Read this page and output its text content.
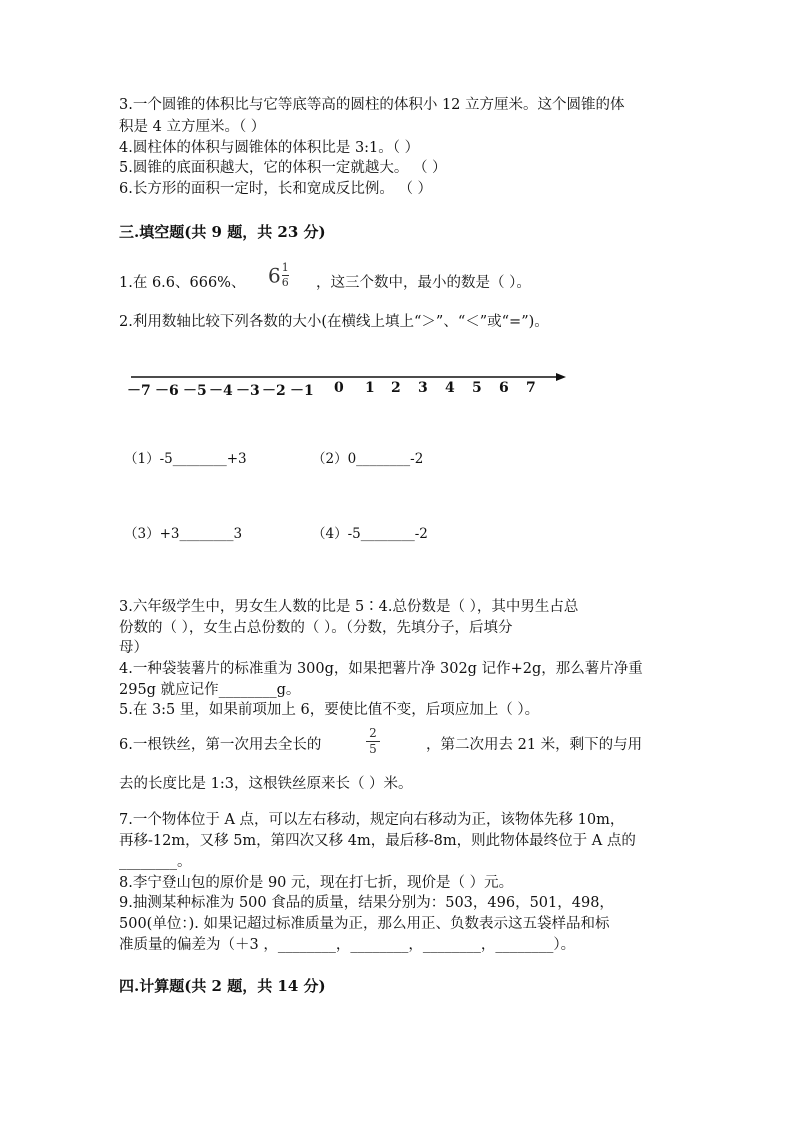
3.一个圆锥的体积比与它等底等高的圆柱的体积小 12 立方厘米。这个圆锥的体
积是 4 立方厘米。（ ）
4.圆柱体的体积与圆锥体的体积比是 3:1。（ ）
5.圆锥的底面积越大，它的体积一定就越大。 （ ）
6.长方形的面积一定时，长和宽成反比例。 （ ）
三.填空题(共 9 题，共 23 分)
1.在 6.6、666%、 $6\frac{1}{6}$ ，这三个数中，最小的数是（ ）。
2.利用数轴比较下列各数的大小(在横线上填上“＞”、“＜”或“=”)。
－7 －6 －5 －4 －3 －2 －1 0 1 2 3 4 5 6 7
（1）-5________+3	（2）0________-2
（3）+3________3	（4）-5________-2
3.六年级学生中，男女生人数的比是 5∶4.总份数是（ ），其中男生占总
份数的（ ），女生占总份数的（ ）。（分数，先填分子，后填分
母）
4.一种袋装薯片的标准重为 300g，如果把薯片净 302g 记作+2g，那么薯片净重
295g 就应记作________g。
5.在 3:5 里，如果前项加上 6，要使比值不变，后项应加上（ ）。
6.一根铁丝，第一次用去全长的
2
5	，第二次用去 21 米，剩下的与用
去的长度比是 1:3，这根铁丝原来长（ ）米。
7.一个物体位于 A 点，可以左右移动，规定向右移动为正，该物体先移 10m，
再移-12m，又移 5m，第四次又移 4m，最后移-8m，则此物体最终位于 A 点的
________。
8.李宁登山包的原价是 90 元，现在打七折，现价是（ ）元。
9.抽测某种标准为 500 食品的质量，结果分别为：503，496，501，498，
500(单位：). 如果记超过标准质量为正，那么用正、负数表示这五袋样品和标
准质量的偏差为（＋3 ，________，________，________，________）。
四.计算题(共 2 题，共 14 分)
